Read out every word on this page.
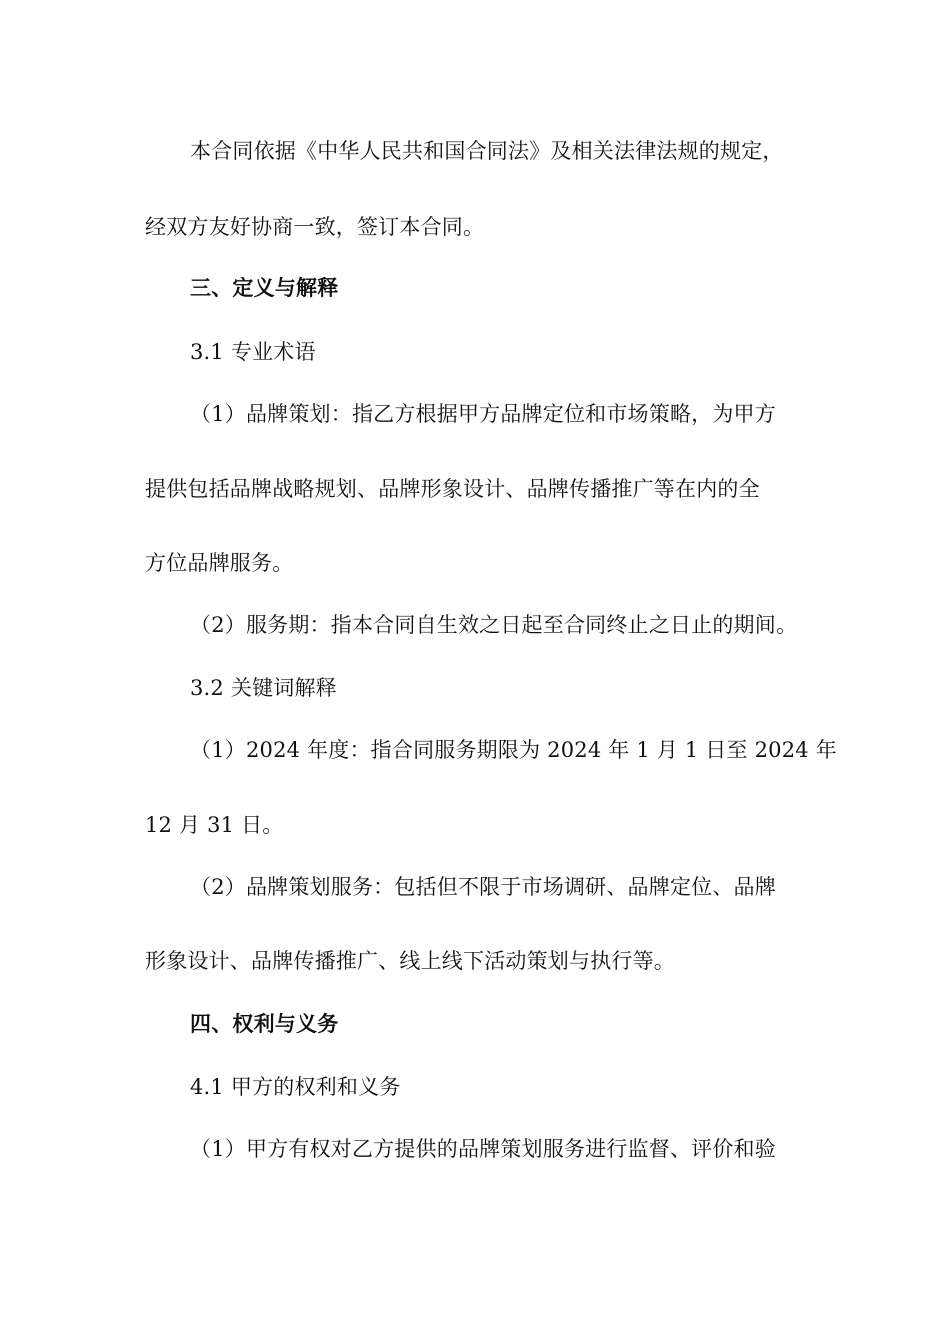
本合同依据《中华人民共和国合同法》及相关法律法规的规定，
经双方友好协商一致，签订本合同。
三、定义与解释
3.1 专业术语
（1）品牌策划：指乙方根据甲方品牌定位和市场策略，为甲方
提供包括品牌战略规划、品牌形象设计、品牌传播推广等在内的全
方位品牌服务。
（2）服务期：指本合同自生效之日起至合同终止之日止的期间。
3.2 关键词解释
（1）2024 年度：指合同服务期限为 2024 年 1 月 1 日至 2024 年
12 月 31 日。
（2）品牌策划服务：包括但不限于市场调研、品牌定位、品牌
形象设计、品牌传播推广、线上线下活动策划与执行等。
四、权利与义务
4.1 甲方的权利和义务
（1）甲方有权对乙方提供的品牌策划服务进行监督、评价和验
